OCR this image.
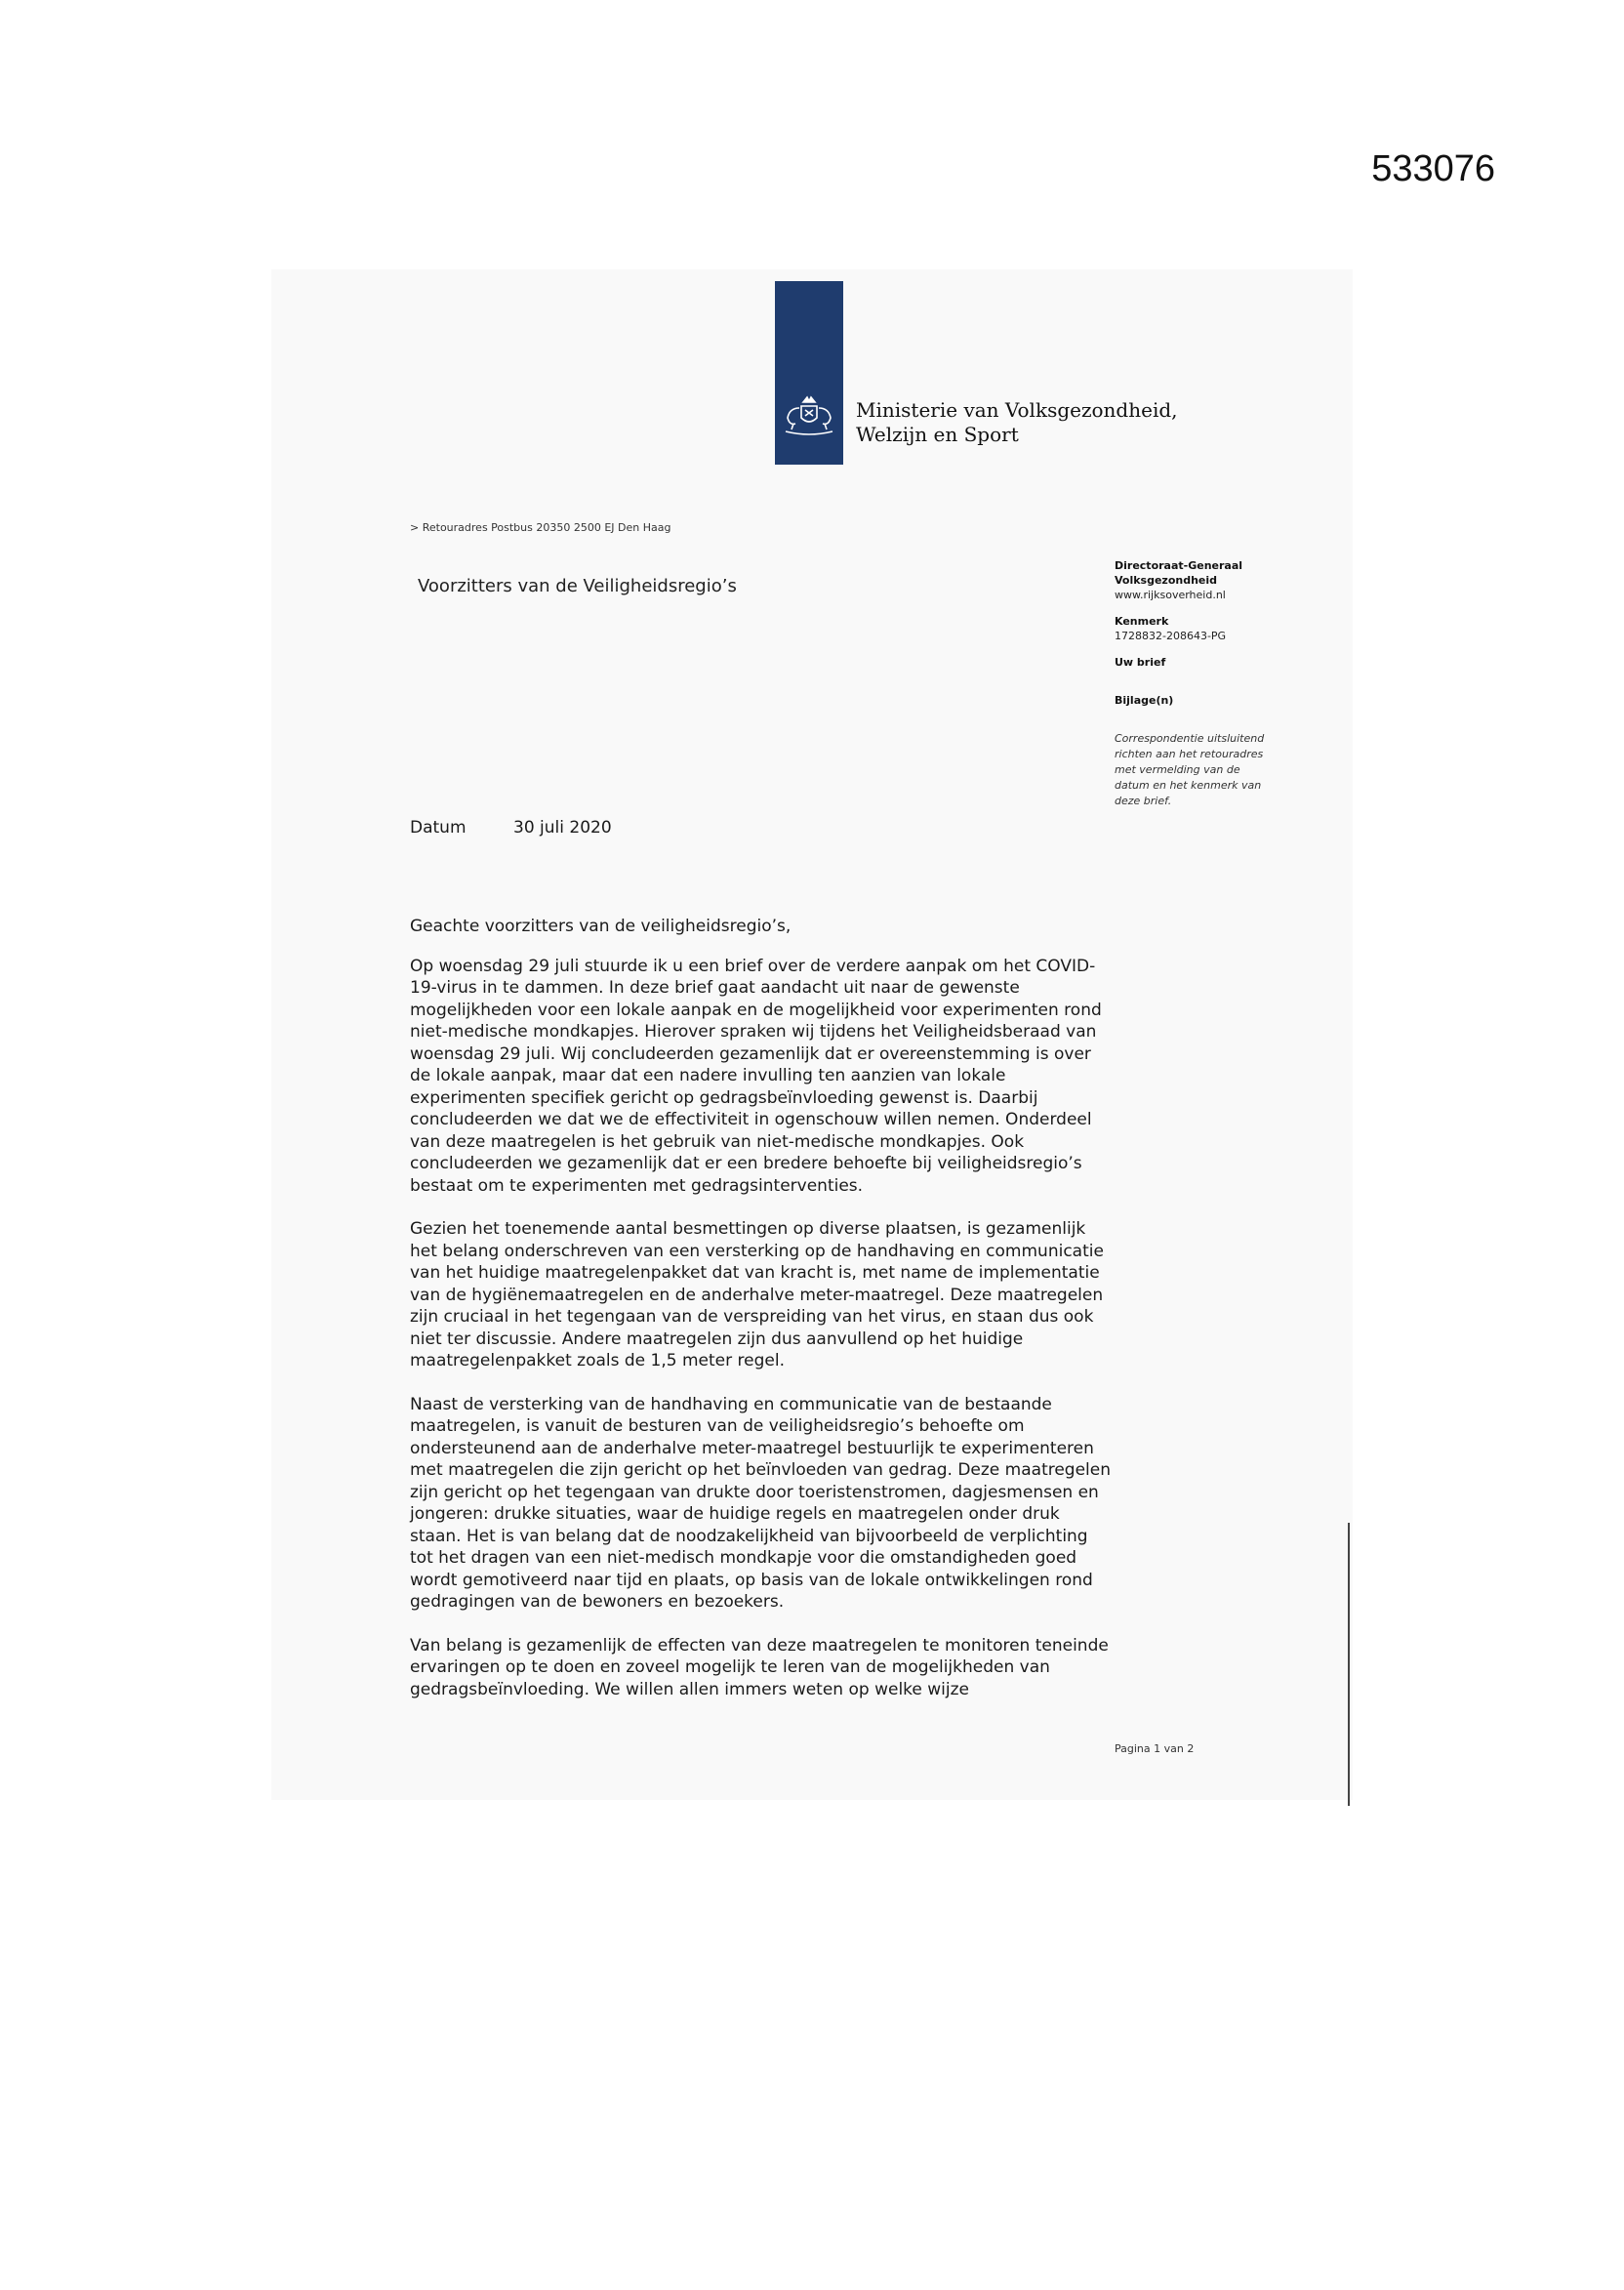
533076
Ministerie van Volksgezondheid,
Welzijn en Sport
> Retouradres Postbus 20350 2500 EJ Den Haag
Voorzitters van de Veiligheidsregio’s
Directoraat-Generaal
Volksgezondheid
www.rijksoverheid.nl
Kenmerk
1728832-208643-PG
Uw brief
Bijlage(n)
Correspondentie uitsluitend
richten aan het retouradres
met vermelding van de
datum en het kenmerk van
deze brief.
Datum	30 juli 2020

Geachte voorzitters van de veiligheidsregio’s,

Op woensdag 29 juli stuurde ik u een brief over de verdere aanpak om het COVID-19-virus in te dammen. In deze brief gaat aandacht uit naar de gewenste mogelijkheden voor een lokale aanpak en de mogelijkheid voor experimenten rond niet-medische mondkapjes. Hierover spraken wij tijdens het Veiligheidsberaad van woensdag 29 juli. Wij concludeerden gezamenlijk dat er overeenstemming is over de lokale aanpak, maar dat een nadere invulling ten aanzien van lokale experimenten specifiek gericht op gedragsbeïnvloeding gewenst is. Daarbij concludeerden we dat we de effectiviteit in ogenschouw willen nemen. Onderdeel van deze maatregelen is het gebruik van niet-medische mondkapjes. Ook concludeerden we gezamenlijk dat er een bredere behoefte bij veiligheidsregio’s bestaat om te experimenten met gedragsinterventies.

Gezien het toenemende aantal besmettingen op diverse plaatsen, is gezamenlijk het belang onderschreven van een versterking op de handhaving en communicatie van het huidige maatregelenpakket dat van kracht is, met name de implementatie van de hygiënemaatregelen en de anderhalve meter-maatregel. Deze maatregelen zijn cruciaal in het tegengaan van de verspreiding van het virus, en staan dus ook niet ter discussie. Andere maatregelen zijn dus aanvullend op het huidige maatregelenpakket zoals de 1,5 meter regel.

Naast de versterking van de handhaving en communicatie van de bestaande maatregelen, is vanuit de besturen van de veiligheidsregio’s behoefte om ondersteunend aan de anderhalve meter-maatregel bestuurlijk te experimenteren met maatregelen die zijn gericht op het beïnvloeden van gedrag. Deze maatregelen zijn gericht op het tegengaan van drukte door toeristenstromen, dagjesmensen en jongeren: drukke situaties, waar de huidige regels en maatregelen onder druk staan. Het is van belang dat de noodzakelijkheid van bijvoorbeeld de verplichting tot het dragen van een niet-medisch mondkapje voor die omstandigheden goed wordt gemotiveerd naar tijd en plaats, op basis van de lokale ontwikkelingen rond gedragingen van de bewoners en bezoekers.

Van belang is gezamenlijk de effecten van deze maatregelen te monitoren teneinde ervaringen op te doen en zoveel mogelijk te leren van de mogelijkheden van gedragsbeïnvloeding. We willen allen immers weten op welke wijze

Pagina 1 van 2
